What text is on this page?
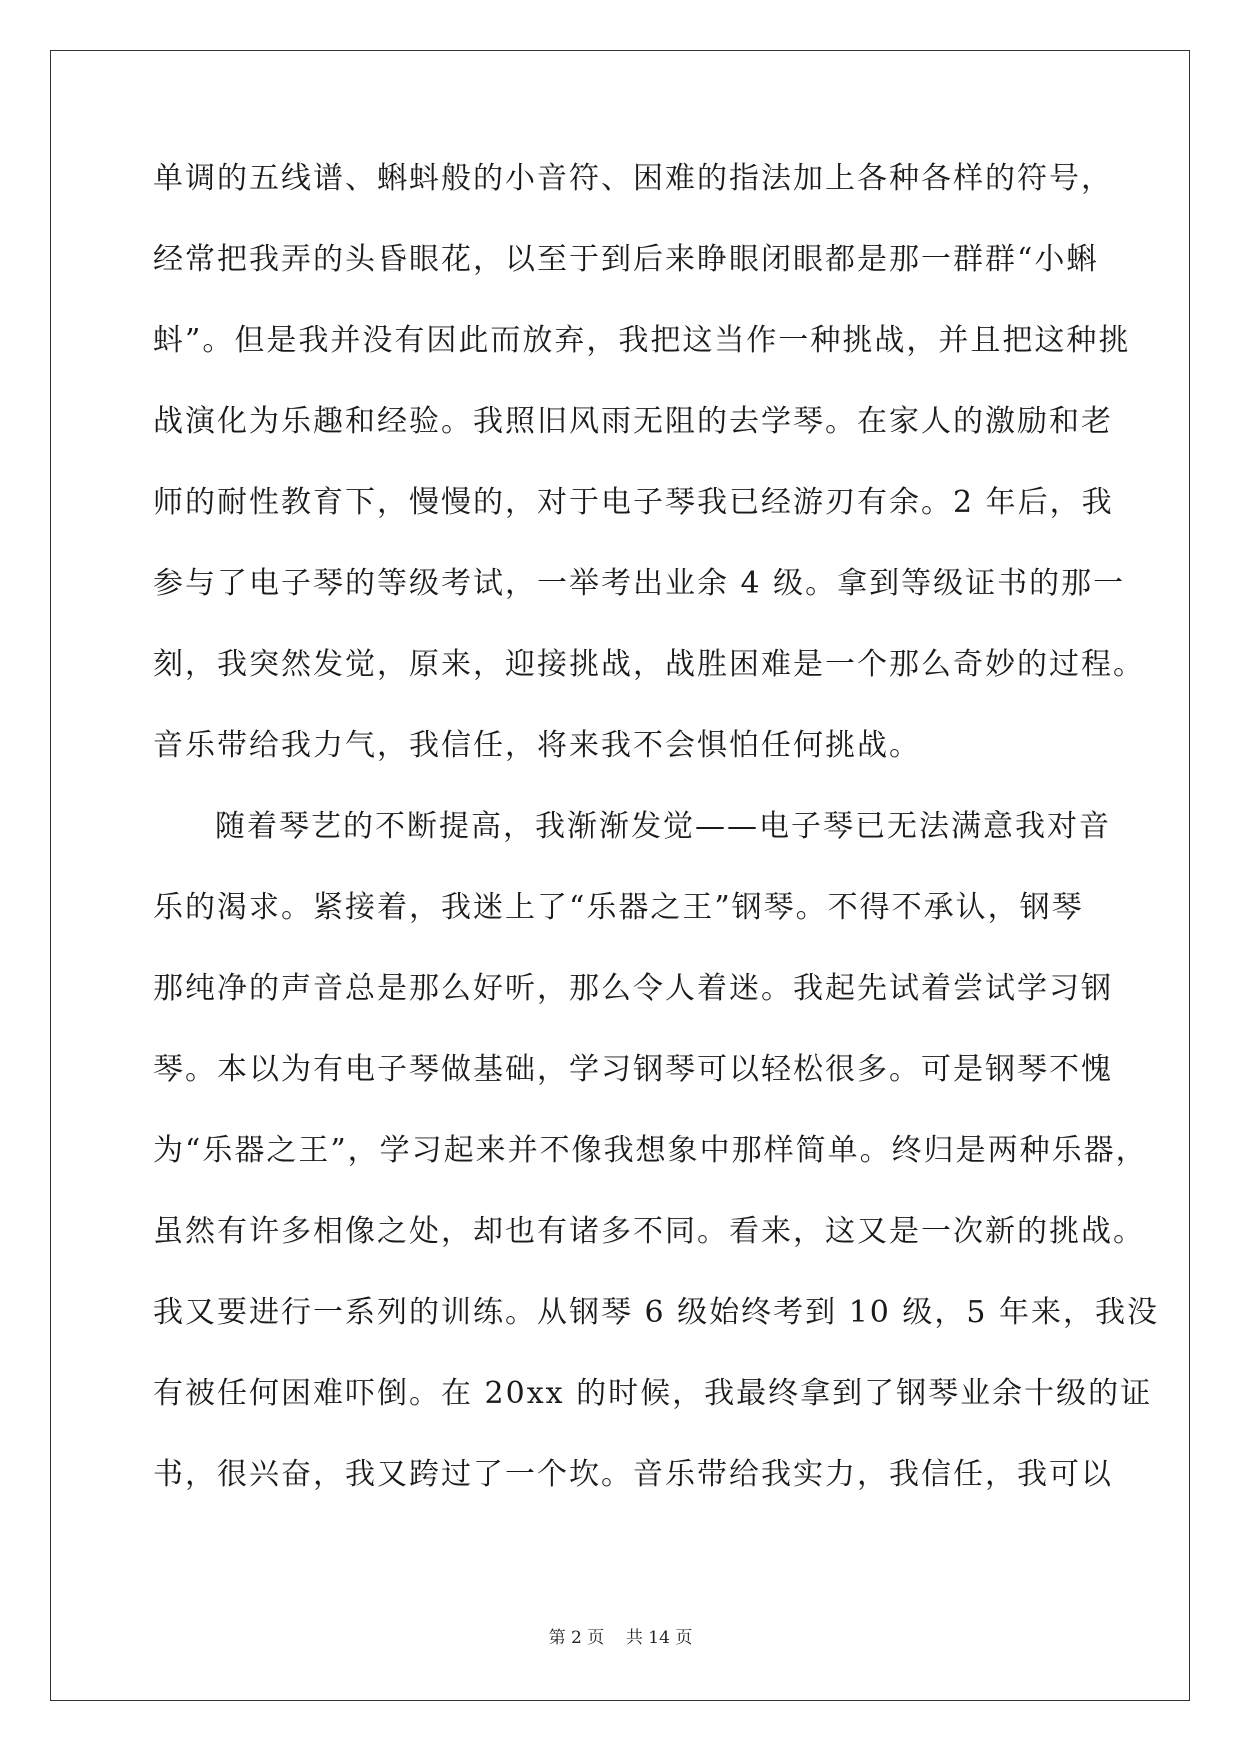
单调的五线谱、蝌蚪般的小音符、困难的指法加上各种各样的符号，
经常把我弄的头昏眼花，以至于到后来睁眼闭眼都是那一群群“小蝌
蚪”。但是我并没有因此而放弃，我把这当作一种挑战，并且把这种挑
战演化为乐趣和经验。我照旧风雨无阻的去学琴。在家人的激励和老
师的耐性教育下，慢慢的，对于电子琴我已经游刃有余。2 年后，我
参与了电子琴的等级考试，一举考出业余 4 级。拿到等级证书的那一
刻，我突然发觉，原来，迎接挑战，战胜困难是一个那么奇妙的过程。
音乐带给我力气，我信任，将来我不会惧怕任何挑战。
随着琴艺的不断提高，我渐渐发觉——电子琴已无法满意我对音
乐的渴求。紧接着，我迷上了“乐器之王”钢琴。不得不承认，钢琴
那纯净的声音总是那么好听，那么令人着迷。我起先试着尝试学习钢
琴。本以为有电子琴做基础，学习钢琴可以轻松很多。可是钢琴不愧
为“乐器之王”，学习起来并不像我想象中那样简单。终归是两种乐器，
虽然有许多相像之处，却也有诸多不同。看来，这又是一次新的挑战。
我又要进行一系列的训练。从钢琴 6 级始终考到 10 级，5 年来，我没
有被任何困难吓倒。在 20xx 的时候，我最终拿到了钢琴业余十级的证
书，很兴奋，我又跨过了一个坎。音乐带给我实力，我信任，我可以
第 2 页    共 14 页
